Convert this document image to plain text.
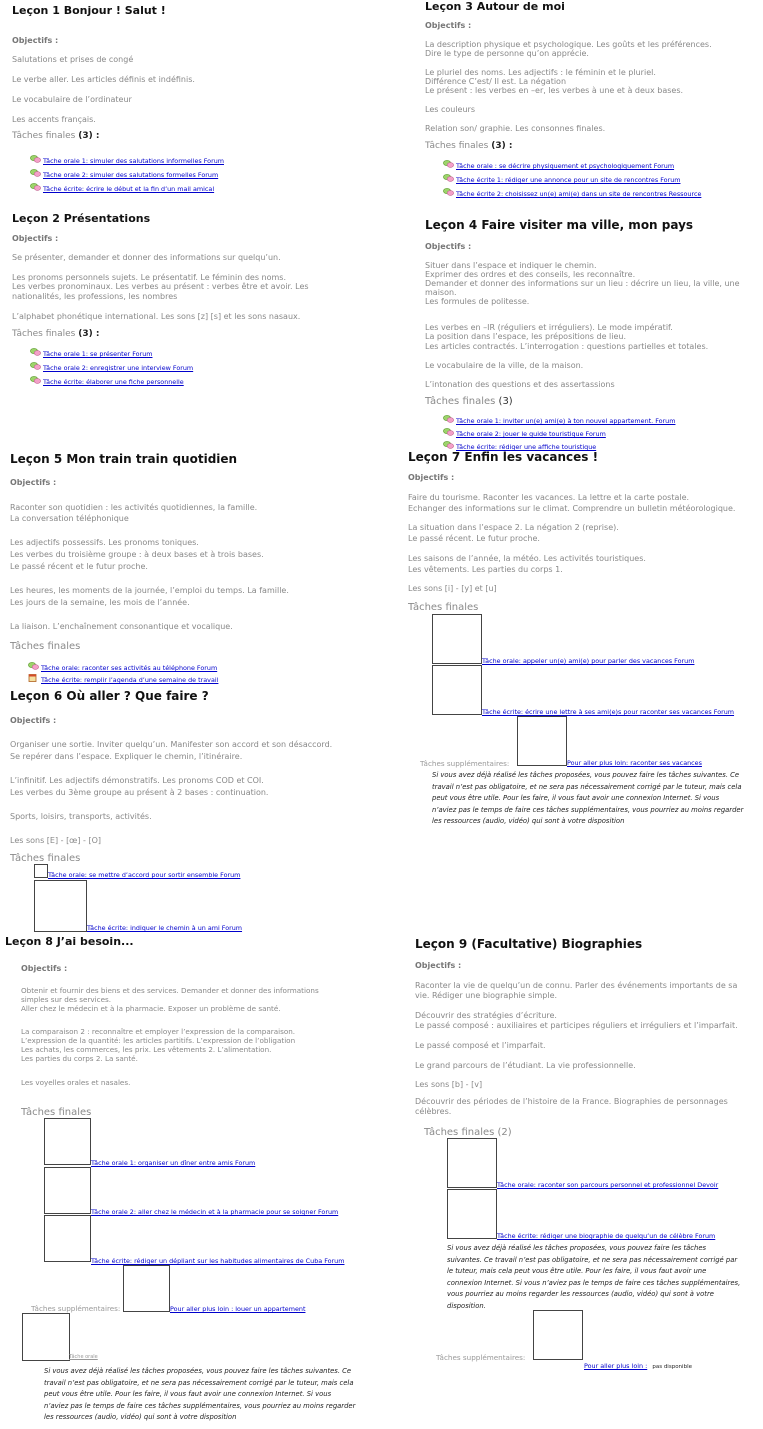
Leçon 1 Bonjour ! Salut !
Objectifs :
Salutations et prises de congé
Le verbe aller. Les articles définis et indéfinis.
Le vocabulaire de l’ordinateur
Les accents français.
Tâches finales (3) :
Tâche orale 1: simuler des salutations informelles Forum
Tâche orale 2: simuler des salutations formelles Forum
Tâche écrite: écrire le début et la fin d’un mail amical
Leçon 2 Présentations
Objectifs :
Se présenter, demander et donner des informations sur quelqu’un.
Les pronoms personnels sujets. Le présentatif. Le féminin des noms.
Les verbes pronominaux. Les verbes au présent : verbes être et avoir. Les
nationalités, les professions, les nombres
L’alphabet phonétique international. Les sons [z] [s] et les sons nasaux.
Tâches finales (3) :
Tâche orale 1: se présenter Forum
Tâche orale 2: enregistrer une interview Forum
Tâche écrite: élaborer une fiche personnelle
Leçon 3 Autour de moi
Objectifs :
La description physique et psychologique. Les goûts et les préférences.
Dire le type de personne qu’on apprécie.
Le pluriel des noms. Les adjectifs : le féminin et le pluriel.
Différence C’est/ Il est. La négation
Le présent : les verbes en –er, les verbes à une et à deux bases.
Les couleurs
Relation son/ graphie. Les consonnes finales.
Tâches finales (3) :
Tâche orale : se décrire physiquement et psychologiquement Forum
Tâche écrite 1: rédiger une annonce pour un site de rencontres Forum
Tâche écrite 2: choisissez un(e) ami(e) dans un site de rencontres Ressource
Leçon 4 Faire visiter ma ville, mon pays
Objectifs :
Situer dans l’espace et indiquer le chemin.
Exprimer des ordres et des conseils, les reconnaître.
Demander et donner des informations sur un lieu : décrire un lieu, la ville, une
maison.
Les formules de politesse.
Les verbes en –IR (réguliers et irréguliers). Le mode impératif.
La position dans l’espace, les prépositions de lieu.
Les articles contractés. L’interrogation : questions partielles et totales.
Le vocabulaire de la ville, de la maison.
L’intonation des questions et des assertassions
Tâches finales (3)
Tâche orale 1: inviter un(e) ami(e) à ton nouvel appartement. Forum
Tâche orale 2: jouer le guide touristique Forum
Tâche écrite: rédiger une affiche touristique
Leçon 5 Mon train train quotidien
Objectifs :
Raconter son quotidien : les activités quotidiennes, la famille.
La conversation téléphonique
Les adjectifs possessifs. Les pronoms toniques.
Les verbes du troisième groupe : à deux bases et à trois bases.
Le passé récent et le futur proche.
Les heures, les moments de la journée, l’emploi du temps. La famille.
Les jours de la semaine, les mois de l’année.
La liaison. L’enchaînement consonantique et vocalique.
Tâches finales
Tâche orale: raconter ses activités au téléphone Forum
Tâche écrite: remplir l’agenda d’une semaine de travail
Leçon 6 Où aller ? Que faire ?
Objectifs :
Organiser une sortie. Inviter quelqu’un. Manifester son accord et son désaccord.
Se repérer dans l’espace. Expliquer le chemin, l’itinéraire.
L’infinitif. Les adjectifs démonstratifs. Les pronoms COD et COI.
Les verbes du 3ème groupe au présent à 2 bases : continuation.
Sports, loisirs, transports, activités.
Les sons [E] - [œ] - [O]
Tâches finales
Tâche orale: se mettre d’accord pour sortir ensemble Forum
Tâche écrite: indiquer le chemin à un ami Forum
Leçon 7 Enfin les vacances !
Objectifs :
Faire du tourisme. Raconter les vacances. La lettre et la carte postale.
Echanger des informations sur le climat. Comprendre un bulletin météorologique.
La situation dans l’espace 2. La négation 2 (reprise).
Le passé récent. Le futur proche.
Les saisons de l’année, la météo. Les activités touristiques.
Les vêtements. Les parties du corps 1.
Les sons [i] - [y] et [u]
Tâches finales
Tâche orale: appeler un(e) ami(e) pour parler des vacances Forum
Tâche écrite: écrire une lettre à ses ami(e)s pour raconter ses vacances Forum
Tâches supplémentaires:	Pour aller plus loin: raconter ses vacances
Si vous avez déjà réalisé les tâches proposées, vous pouvez faire les tâches suivantes. Ce
travail n’est pas obligatoire, et ne sera pas nécessairement corrigé par le tuteur, mais cela
peut vous être utile. Pour les faire, il vous faut avoir une connexion Internet. Si vous
n’aviez pas le temps de faire ces tâches supplémentaires, vous pourriez au moins regarder
les ressources (audio, vidéo) qui sont à votre disposition
Leçon 8 J’ai besoin...
Objectifs :
Obtenir et fournir des biens et des services. Demander et donner des informations
simples sur des services.
Aller chez le médecin et à la pharmacie. Exposer un problème de santé.
La comparaison 2 : reconnaître et employer l’expression de la comparaison.
L’expression de la quantité: les articles partitifs. L’expression de l’obligation
Les achats, les commerces, les prix. Les vêtements 2. L’alimentation.
Les parties du corps 2. La santé.
Les voyelles orales et nasales.
Tâches finales
Tâche orale 1: organiser un dîner entre amis Forum
Tâche orale 2: aller chez le médecin et à la pharmacie pour se soigner Forum
Tâche écrite: rédiger un dépliant sur les habitudes alimentaires de Cuba Forum
Tâches supplémentaires:	Pour aller plus loin : louer un appartement
Tâche orale
Si vous avez déjà réalisé les tâches proposées, vous pouvez faire les tâches suivantes. Ce
travail n’est pas obligatoire, et ne sera pas nécessairement corrigé par le tuteur, mais cela
peut vous être utile. Pour les faire, il vous faut avoir une connexion Internet. Si vous
n’aviez pas le temps de faire ces tâches supplémentaires, vous pourriez au moins regarder
les ressources (audio, vidéo) qui sont à votre disposition
Leçon 9 (Facultative) Biographies
Objectifs :
Raconter la vie de quelqu’un de connu. Parler des événements importants de sa
vie. Rédiger une biographie simple.
Découvrir des stratégies d’écriture.
Le passé composé : auxiliaires et participes réguliers et irréguliers et l’imparfait.
Le passé composé et l’imparfait.
Le grand parcours de l’étudiant. La vie professionnelle.
Les sons [b] - [v]
Découvrir des périodes de l’histoire de la France. Biographies de personnages
célèbres.
Tâches finales (2)
Tâche orale: raconter son parcours personnel et professionnel Devoir
Tâche écrite: rédiger une biographie de quelqu’un de célèbre Forum
Si vous avez déjà réalisé les tâches proposées, vous pouvez faire les tâches
suivantes. Ce travail n’est pas obligatoire, et ne sera pas nécessairement corrigé par
le tuteur, mais cela peut vous être utile. Pour les faire, il vous faut avoir une
connexion Internet. Si vous n’aviez pas le temps de faire ces tâches supplémentaires,
vous pourriez au moins regarder les ressources (audio, vidéo) qui sont à votre
disposition.
Tâches supplémentaires:
Pour aller plus loin : pas disponible
